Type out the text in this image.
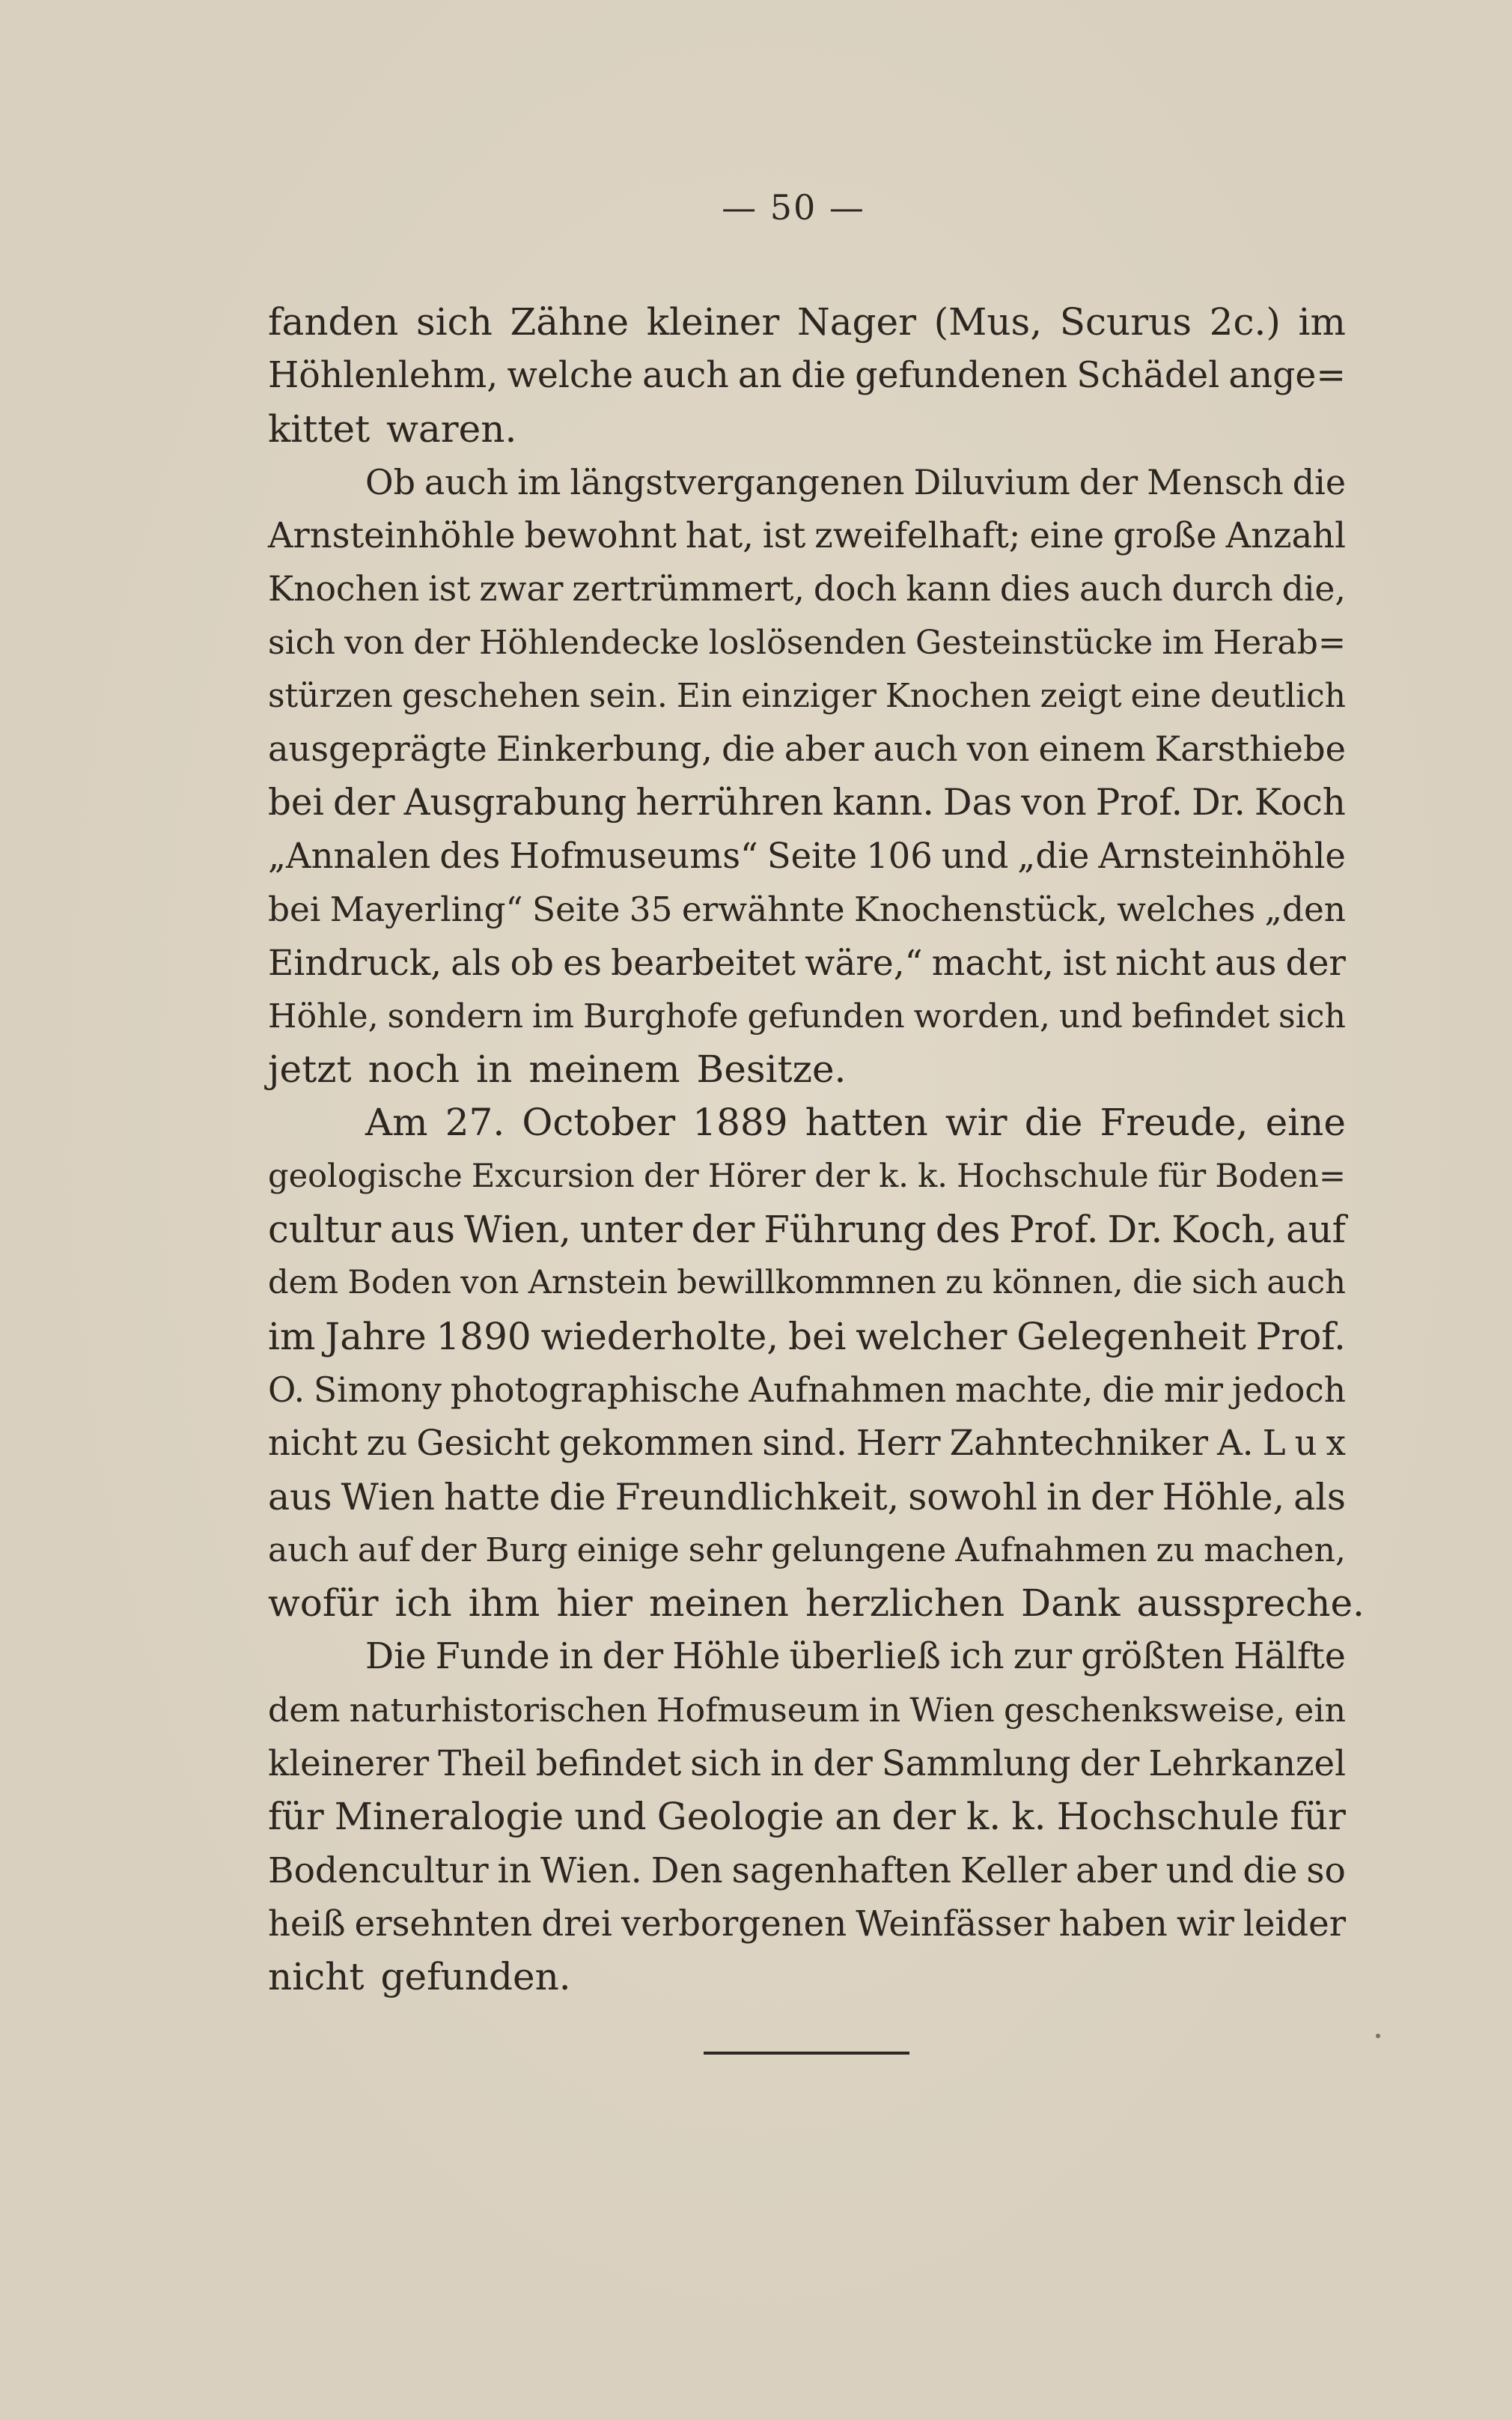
— 50 —
fanden sich Zähne kleiner Nager (Mus, Scurus 2c.) im
Höhlenlehm, welche auch an die gefundenen Schädel ange=
kittet waren.
Ob auch im längstvergangenen Diluvium der Mensch die
Arnsteinhöhle bewohnt hat, ist zweifelhaft; eine große Anzahl
Knochen ist zwar zertrümmert, doch kann dies auch durch die,
sich von der Höhlendecke loslösenden Gesteinstücke im Herab=
stürzen geschehen sein. Ein einziger Knochen zeigt eine deutlich
ausgeprägte Einkerbung, die aber auch von einem Karsthiebe
bei der Ausgrabung herrühren kann. Das von Prof. Dr. Koch
„Annalen des Hofmuseums“ Seite 106 und „die Arnsteinhöhle
bei Mayerling“ Seite 35 erwähnte Knochenstück, welches „den
Eindruck, als ob es bearbeitet wäre,“ macht, ist nicht aus der
Höhle, sondern im Burghofe gefunden worden, und befindet sich
jetzt noch in meinem Besitze.
Am 27. October 1889 hatten wir die Freude, eine
geologische Excursion der Hörer der k. k. Hochschule für Boden=
cultur aus Wien, unter der Führung des Prof. Dr. Koch, auf
dem Boden von Arnstein bewillkommnen zu können, die sich auch
im Jahre 1890 wiederholte, bei welcher Gelegenheit Prof.
O. Simony photographische Aufnahmen machte, die mir jedoch
nicht zu Gesicht gekommen sind. Herr Zahntechniker A. L u x
aus Wien hatte die Freundlichkeit, sowohl in der Höhle, als
auch auf der Burg einige sehr gelungene Aufnahmen zu machen,
wofür ich ihm hier meinen herzlichen Dank ausspreche.
Die Funde in der Höhle überließ ich zur größten Hälfte
dem naturhistorischen Hofmuseum in Wien geschenksweise, ein
kleinerer Theil befindet sich in der Sammlung der Lehrkanzel
für Mineralogie und Geologie an der k. k. Hochschule für
Bodencultur in Wien. Den sagenhaften Keller aber und die so
heiß ersehnten drei verborgenen Weinfässer haben wir leider
nicht gefunden.
